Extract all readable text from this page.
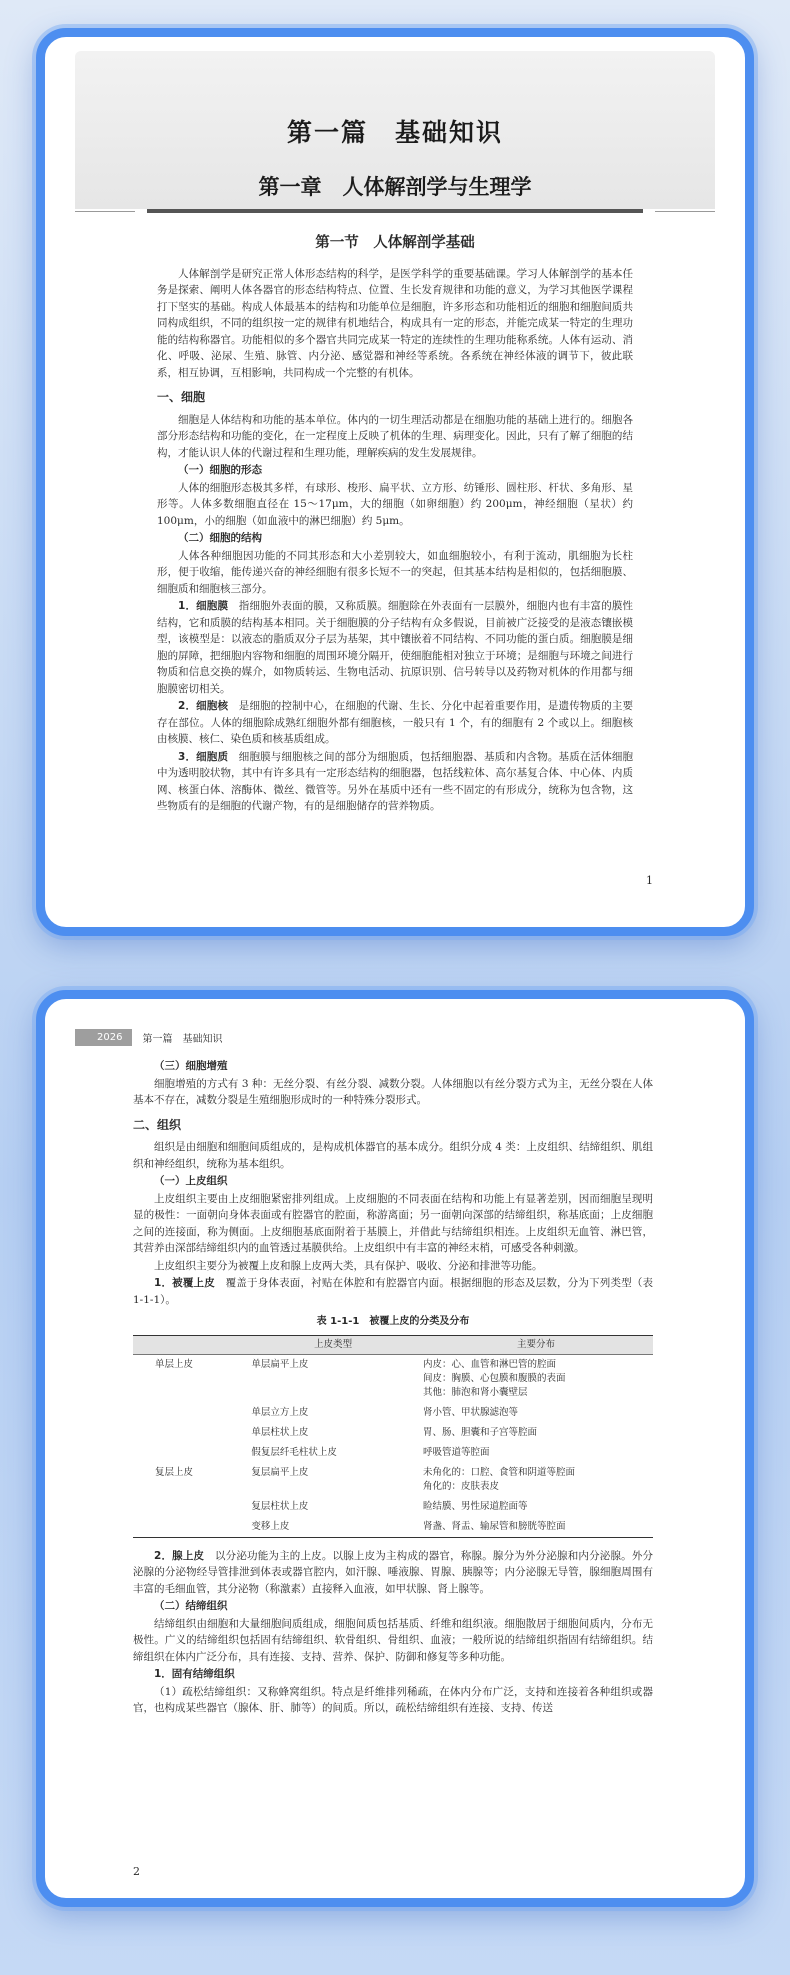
第一篇　基础知识
第一章　人体解剖学与生理学
第一节　人体解剖学基础

人体解剖学是研究正常人体形态结构的科学，是医学科学的重要基础课。学习人体解剖学的基本任务是探索、阐明人体各器官的形态结构特点、位置、生长发育规律和功能的意义，为学习其他医学课程打下坚实的基础。构成人体最基本的结构和功能单位是细胞，许多形态和功能相近的细胞和细胞间质共同构成组织，不同的组织按一定的规律有机地结合，构成具有一定的形态，并能完成某一特定的生理功能的结构称器官。功能相似的多个器官共同完成某一特定的连续性的生理功能称系统。人体有运动、消化、呼吸、泌尿、生殖、脉管、内分泌、感觉器和神经等系统。各系统在神经体液的调节下，彼此联系，相互协调，互相影响，共同构成一个完整的有机体。

一、细胞

细胞是人体结构和功能的基本单位。体内的一切生理活动都是在细胞功能的基础上进行的。细胞各部分形态结构和功能的变化，在一定程度上反映了机体的生理、病理变化。因此，只有了解了细胞的结构，才能认识人体的代谢过程和生理功能，理解疾病的发生发展规律。

（一）细胞的形态

人体的细胞形态极其多样，有球形、梭形、扁平状、立方形、纺锤形、圆柱形、杆状、多角形、星形等。人体多数细胞直径在 15～17μm，大的细胞（如卵细胞）约 200μm，神经细胞（星状）约 100μm，小的细胞（如血液中的淋巴细胞）约 5μm。

（二）细胞的结构

人体各种细胞因功能的不同其形态和大小差别较大，如血细胞较小，有利于流动，肌细胞为长柱形，便于收缩，能传递兴奋的神经细胞有很多长短不一的突起，但其基本结构是相似的，包括细胞膜、细胞质和细胞核三部分。

1．细胞膜　 指细胞外表面的膜，又称质膜。细胞除在外表面有一层膜外，细胞内也有丰富的膜性结构，它和质膜的结构基本相同。关于细胞膜的分子结构有众多假说，目前被广泛接受的是液态镶嵌模型，该模型是：以液态的脂质双分子层为基架，其中镶嵌着不同结构、不同功能的蛋白质。细胞膜是细胞的屏障，把细胞内容物和细胞的周围环境分隔开，使细胞能相对独立于环境；是细胞与环境之间进行物质和信息交换的媒介，如物质转运、生物电活动、抗原识别、信号转导以及药物对机体的作用都与细胞膜密切相关。

2．细胞核　 是细胞的控制中心，在细胞的代谢、生长、分化中起着重要作用，是遗传物质的主要存在部位。人体的细胞除成熟红细胞外都有细胞核，一般只有 1 个，有的细胞有 2 个或以上。细胞核由核膜、核仁、染色质和核基质组成。

3．细胞质　 细胞膜与细胞核之间的部分为细胞质，包括细胞器、基质和内含物。基质在活体细胞中为透明胶状物，其中有许多具有一定形态结构的细胞器，包括线粒体、高尔基复合体、中心体、内质网、核蛋白体、溶酶体、微丝、微管等。另外在基质中还有一些不固定的有形成分，统称为包含物，这些物质有的是细胞的代谢产物，有的是细胞储存的营养物质。

1
2026	第一篇　基础知识
（三）细胞增殖

细胞增殖的方式有 3 种：无丝分裂、有丝分裂、减数分裂。人体细胞以有丝分裂方式为主，无丝分裂在人体基本不存在，减数分裂是生殖细胞形成时的一种特殊分裂形式。

二、组织

组织是由细胞和细胞间质组成的，是构成机体器官的基本成分。组织分成 4 类：上皮组织、结缔组织、肌组织和神经组织，统称为基本组织。

（一）上皮组织

上皮组织主要由上皮细胞紧密排列组成。上皮细胞的不同表面在结构和功能上有显著差别，因而细胞呈现明显的极性：一面朝向身体表面或有腔器官的腔面，称游离面；另一面朝向深部的结缔组织，称基底面；上皮细胞之间的连接面，称为侧面。上皮细胞基底面附着于基膜上，并借此与结缔组织相连。上皮组织无血管、淋巴管，其营养由深部结缔组织内的血管透过基膜供给。上皮组织中有丰富的神经末梢，可感受各种刺激。

上皮组织主要分为被覆上皮和腺上皮两大类，具有保护、吸收、分泌和排泄等功能。

1．被覆上皮　 覆盖于身体表面，衬贴在体腔和有腔器官内面。根据细胞的形态及层数，分为下列类型（表 1-1-1）。

表 1-1-1　被覆上皮的分类及分布
	上皮类型	主要分布
单层上皮	单层扁平上皮	内皮：心、血管和淋巴管的腔面
间皮：胸膜、心包膜和腹膜的表面
其他：肺泡和肾小囊壁层

	单层立方上皮	肾小管、甲状腺滤泡等

	单层柱状上皮	胃、肠、胆囊和子宫等腔面

	假复层纤毛柱状上皮	呼吸管道等腔面

复层上皮	复层扁平上皮	未角化的：口腔、食管和阴道等腔面
角化的：皮肤表皮

	复层柱状上皮	睑结膜、男性尿道腔面等

	变移上皮	肾盏、肾盂、输尿管和膀胱等腔面

2．腺上皮　 以分泌功能为主的上皮。以腺上皮为主构成的器官，称腺。腺分为外分泌腺和内分泌腺。外分泌腺的分泌物经导管排泄到体表或器官腔内，如汗腺、唾液腺、胃腺、胰腺等；内分泌腺无导管，腺细胞周围有丰富的毛细血管，其分泌物（称激素）直接释入血液，如甲状腺、肾上腺等。

（二）结缔组织

结缔组织由细胞和大量细胞间质组成，细胞间质包括基质、纤维和组织液。细胞散居于细胞间质内，分布无极性。广义的结缔组织包括固有结缔组织、软骨组织、骨组织、血液；一般所说的结缔组织指固有结缔组织。结缔组织在体内广泛分布，具有连接、支持、营养、保护、防御和修复等多种功能。

1．固有结缔组织

（1）疏松结缔组织：又称蜂窝组织。特点是纤维排列稀疏，在体内分布广泛，支持和连接着各种组织或器官，也构成某些器官（腺体、肝、肺等）的间质。所以，疏松结缔组织有连接、支持、传送

2
